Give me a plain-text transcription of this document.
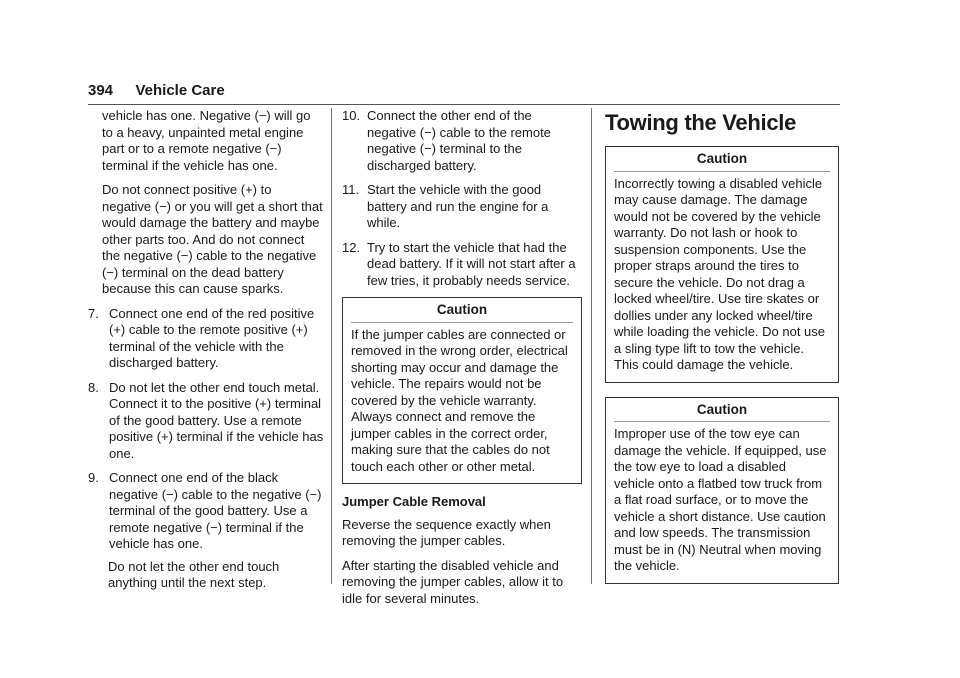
394 Vehicle Care

vehicle has one. Negative (−) will go to a heavy, unpainted metal engine part or to a remote negative (−) terminal if the vehicle has one.

Do not connect positive (+) to negative (−) or you will get a short that would damage the battery and maybe other parts too. And do not connect the negative (−) cable to the negative (−) terminal on the dead battery because this can cause sparks.

7. Connect one end of the red positive (+) cable to the remote positive (+) terminal of the vehicle with the discharged battery.
8. Do not let the other end touch metal. Connect it to the positive (+) terminal of the good battery. Use a remote positive (+) terminal if the vehicle has one.
9. Connect one end of the black negative (−) cable to the negative (−) terminal of the good battery. Use a remote negative (−) terminal if the vehicle has one.

Do not let the other end touch anything until the next step.

10. Connect the other end of the negative (−) cable to the remote negative (−) terminal to the discharged battery.
11. Start the vehicle with the good battery and run the engine for a while.
12. Try to start the vehicle that had the dead battery. If it will not start after a few tries, it probably needs service.
Caution
If the jumper cables are connected or removed in the wrong order, electrical shorting may occur and damage the vehicle. The repairs would not be covered by the vehicle warranty. Always connect and remove the jumper cables in the correct order, making sure that the cables do not touch each other or other metal.
Jumper Cable Removal

Reverse the sequence exactly when removing the jumper cables.

After starting the disabled vehicle and removing the jumper cables, allow it to idle for several minutes.

Towing the Vehicle
Caution
Incorrectly towing a disabled vehicle may cause damage. The damage would not be covered by the vehicle warranty. Do not lash or hook to suspension components. Use the proper straps around the tires to secure the vehicle. Do not drag a locked wheel/tire. Use tire skates or dollies under any locked wheel/tire while loading the vehicle. Do not use a sling type lift to tow the vehicle. This could damage the vehicle.
Caution
Improper use of the tow eye can damage the vehicle. If equipped, use the tow eye to load a disabled vehicle onto a flatbed tow truck from a flat road surface, or to move the vehicle a short distance. Use caution and low speeds. The transmission must be in (N) Neutral when moving the vehicle.
